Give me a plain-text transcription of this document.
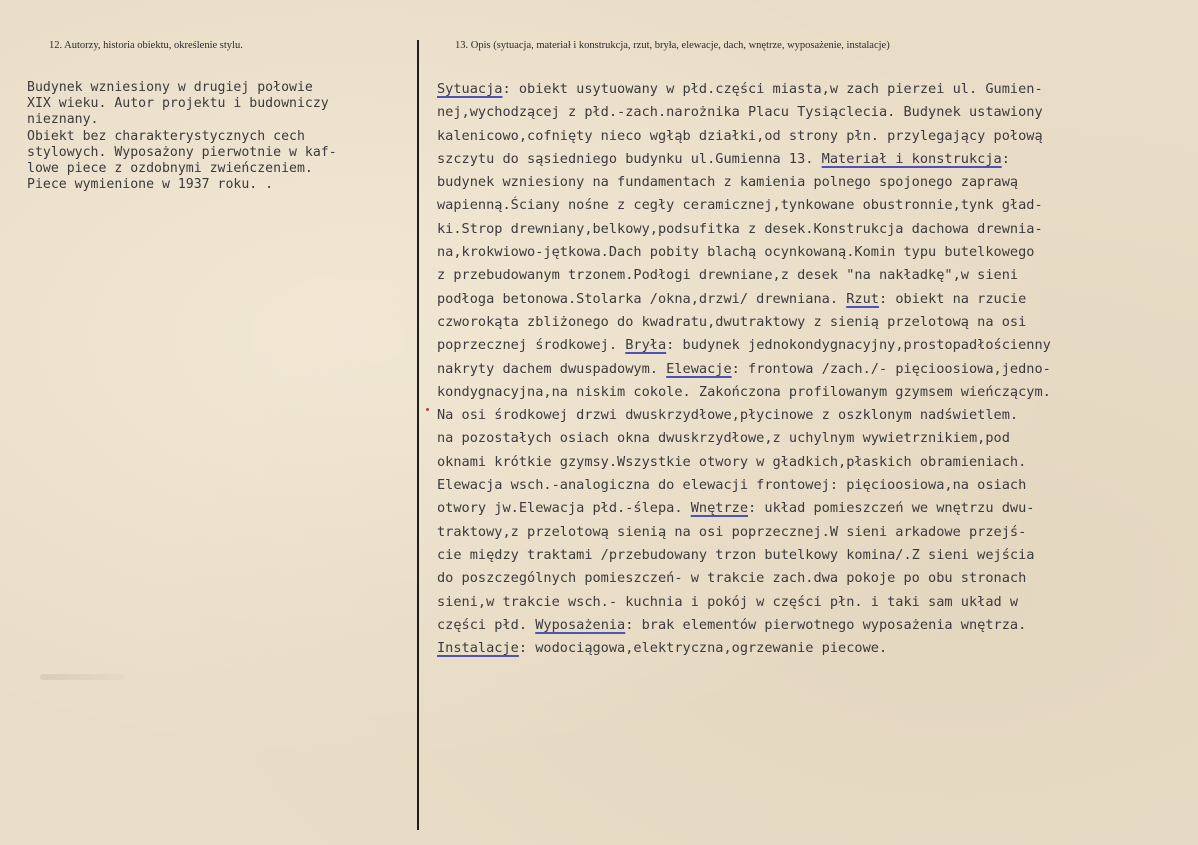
12. Autorzy, historia obiektu, określenie stylu.	13. Opis (sytuacja, materiał i konstrukcja, rzut, bryła, elewacje, dach, wnętrze, wyposażenie, instalacje)

Budynek wzniesiony w drugiej połowie
XIX wieku. Autor projektu i budowniczy
nieznany.
Obiekt bez charakterystycznych cech
stylowych. Wyposażony pierwotnie w kaf-
lowe piece z ozdobnymi zwieńczeniem.
Piece wymienione w 1937 roku. .
Sytuacja: obiekt usytuowany w płd.części miasta,w zach pierzei ul. Gumien-
nej,wychodzącej z płd.-zach.narożnika Placu Tysiąclecia. Budynek ustawiony
kalenicowo,cofnięty nieco wgłąb działki,od strony płn. przylegający połową
szczytu do sąsiedniego budynku ul.Gumienna 13. Materiał i konstrukcja:
budynek wzniesiony na fundamentach z kamienia polnego spojonego zaprawą
wapienną.Ściany nośne z cegły ceramicznej,tynkowane obustronnie,tynk gład-
ki.Strop drewniany,belkowy,podsufitka z desek.Konstrukcja dachowa drewnia-
na,krokwiowo-jętkowa.Dach pobity blachą ocynkowaną.Komin typu butelkowego
z przebudowanym trzonem.Podłogi drewniane,z desek "na nakładkę",w sieni
podłoga betonowa.Stolarka /okna,drzwi/ drewniana. Rzut: obiekt na rzucie
czworokąta zbliżonego do kwadratu,dwutraktowy z sienią przelotową na osi
poprzecznej środkowej. Bryła: budynek jednokondygnacyjny,prostopadłościenny
nakryty dachem dwuspadowym. Elewacje: frontowa /zach./- pięcioosiowa,jedno-
kondygnacyjna,na niskim cokole. Zakończona profilowanym gzymsem wieńczącym.
Na osi środkowej drzwi dwuskrzydłowe,płycinowe z oszklonym nadświetlem.
na pozostałych osiach okna dwuskrzydłowe,z uchylnym wywietrznikiem,pod
oknami krótkie gzymsy.Wszystkie otwory w gładkich,płaskich obramieniach.
Elewacja wsch.-analogiczna do elewacji frontowej: pięcioosiowa,na osiach
otwory jw.Elewacja płd.-ślepa. Wnętrze: układ pomieszczeń we wnętrzu dwu-
traktowy,z przelotową sienią na osi poprzecznej.W sieni arkadowe przejś-
cie między traktami /przebudowany trzon butelkowy komina/.Z sieni wejścia
do poszczególnych pomieszczeń- w trakcie zach.dwa pokoje po obu stronach
sieni,w trakcie wsch.- kuchnia i pokój w części płn. i taki sam układ w
części płd. Wyposażenia: brak elementów pierwotnego wyposażenia wnętrza.
Instalacje: wodociągowa,elektryczna,ogrzewanie piecowe.
